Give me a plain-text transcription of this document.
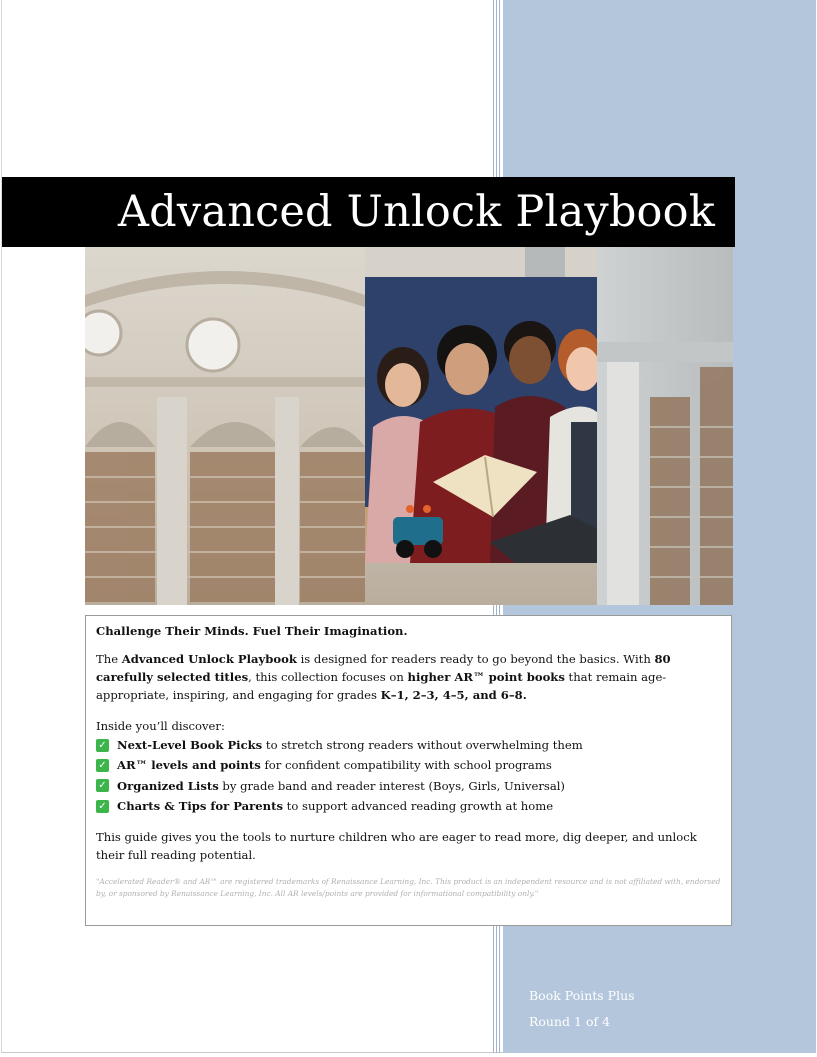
Advanced Unlock Playbook

Challenge Their Minds. Fuel Their Imagination.

The Advanced Unlock Playbook is designed for readers ready to go beyond the basics. With 80 carefully selected titles, this collection focuses on higher AR™ point books that remain age-appropriate, inspiring, and engaging for grades K–1, 2–3, 4–5, and 6–8.

Inside you’ll discover:

✓ Next-Level Book Picks to stretch strong readers without overwhelming them
✓ AR™ levels and points for confident compatibility with school programs
✓ Organized Lists by grade band and reader interest (Boys, Girls, Universal)
✓ Charts & Tips for Parents to support advanced reading growth at home

This guide gives you the tools to nurture children who are eager to read more, dig deeper, and unlock their full reading potential.

"Accelerated Reader® and AR™ are registered trademarks of Renaissance Learning, Inc. This product is an independent resource and is not affiliated with, endorsed by, or sponsored by Renaissance Learning, Inc. All AR levels/points are provided for informational compatibility only."

Book Points Plus
Round 1 of 4
